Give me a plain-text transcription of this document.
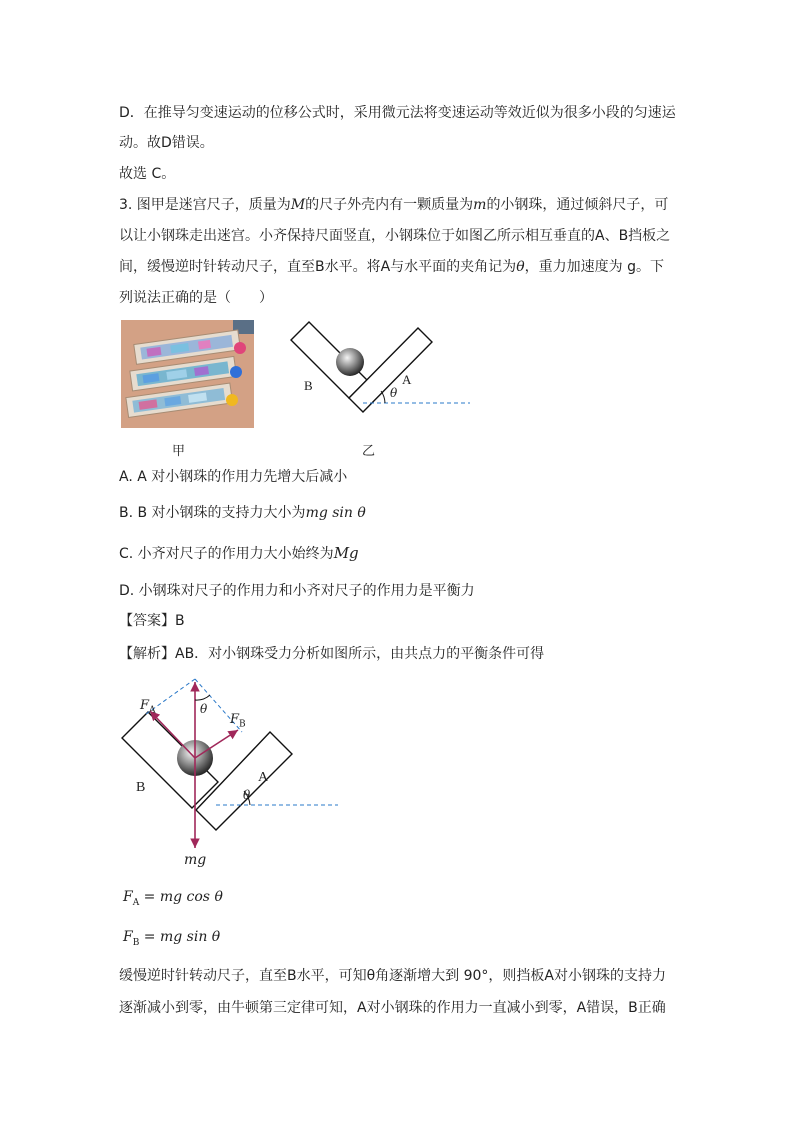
D．在推导匀变速运动的位移公式时，采用微元法将变速运动等效近似为很多小段的匀速运
动。故D错误。
故选 C。
3. 图甲是迷宫尺子，质量为M的尺子外壳内有一颗质量为m的小钢珠，通过倾斜尺子，可
以让小钢珠走出迷宫。小齐保持尺面竖直，小钢珠位于如图乙所示相互垂直的A、B挡板之
间，缓慢逆时针转动尺子，直至B水平。将A与水平面的夹角记为θ，重力加速度为 g。下
列说法正确的是（　　）
甲
B	A
θ
乙
A. A 对小钢珠的作用力先增大后减小
B. B 对小钢珠的支持力大小为mg sin θ
C. 小齐对尺子的作用力大小始终为Mg
D. 小钢珠对尺子的作用力和小齐对尺子的作用力是平衡力
【答案】B
【解析】AB．对小钢珠受力分析如图所示，由共点力的平衡条件可得
$F_A$
$F_B$
θ
B
A
θ
mg
$F_A$ = mg cos θ
$F_B$ = mg sin θ
缓慢逆时针转动尺子，直至B水平，可知θ角逐渐增大到 90°，则挡板A对小钢珠的支持力
逐渐减小到零，由牛顿第三定律可知，A对小钢珠的作用力一直减小到零，A错误，B正确
